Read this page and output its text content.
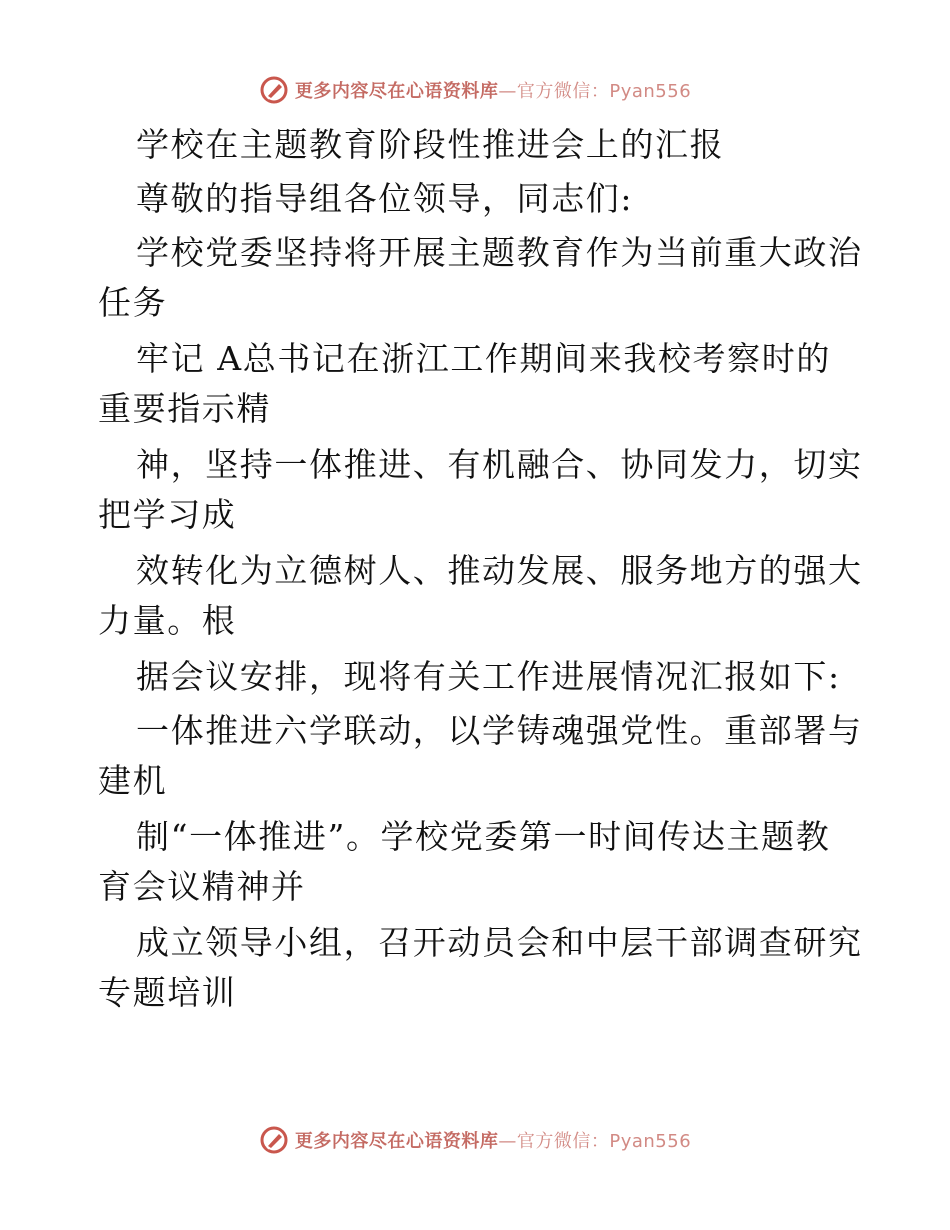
更多内容尽在心语资料库—官方微信：Pyan556
学校在主题教育阶段性推进会上的汇报
尊敬的指导组各位领导，同志们:
学校党委坚持将开展主题教育作为当前重大政治
任务
牢记 A总书记在浙江工作期间来我校考察时的
重要指示精
神，坚持一体推进、有机融合、协同发力，切实
把学习成
效转化为立德树人、推动发展、服务地方的强大
力量。根
据会议安排，现将有关工作进展情况汇报如下:
一体推进六学联动，以学铸魂强党性。重部署与
建机
制“一体推进”。学校党委第一时间传达主题教
育会议精神并
成立领导小组，召开动员会和中层干部调查研究
专题培训
更多内容尽在心语资料库—官方微信：Pyan556
